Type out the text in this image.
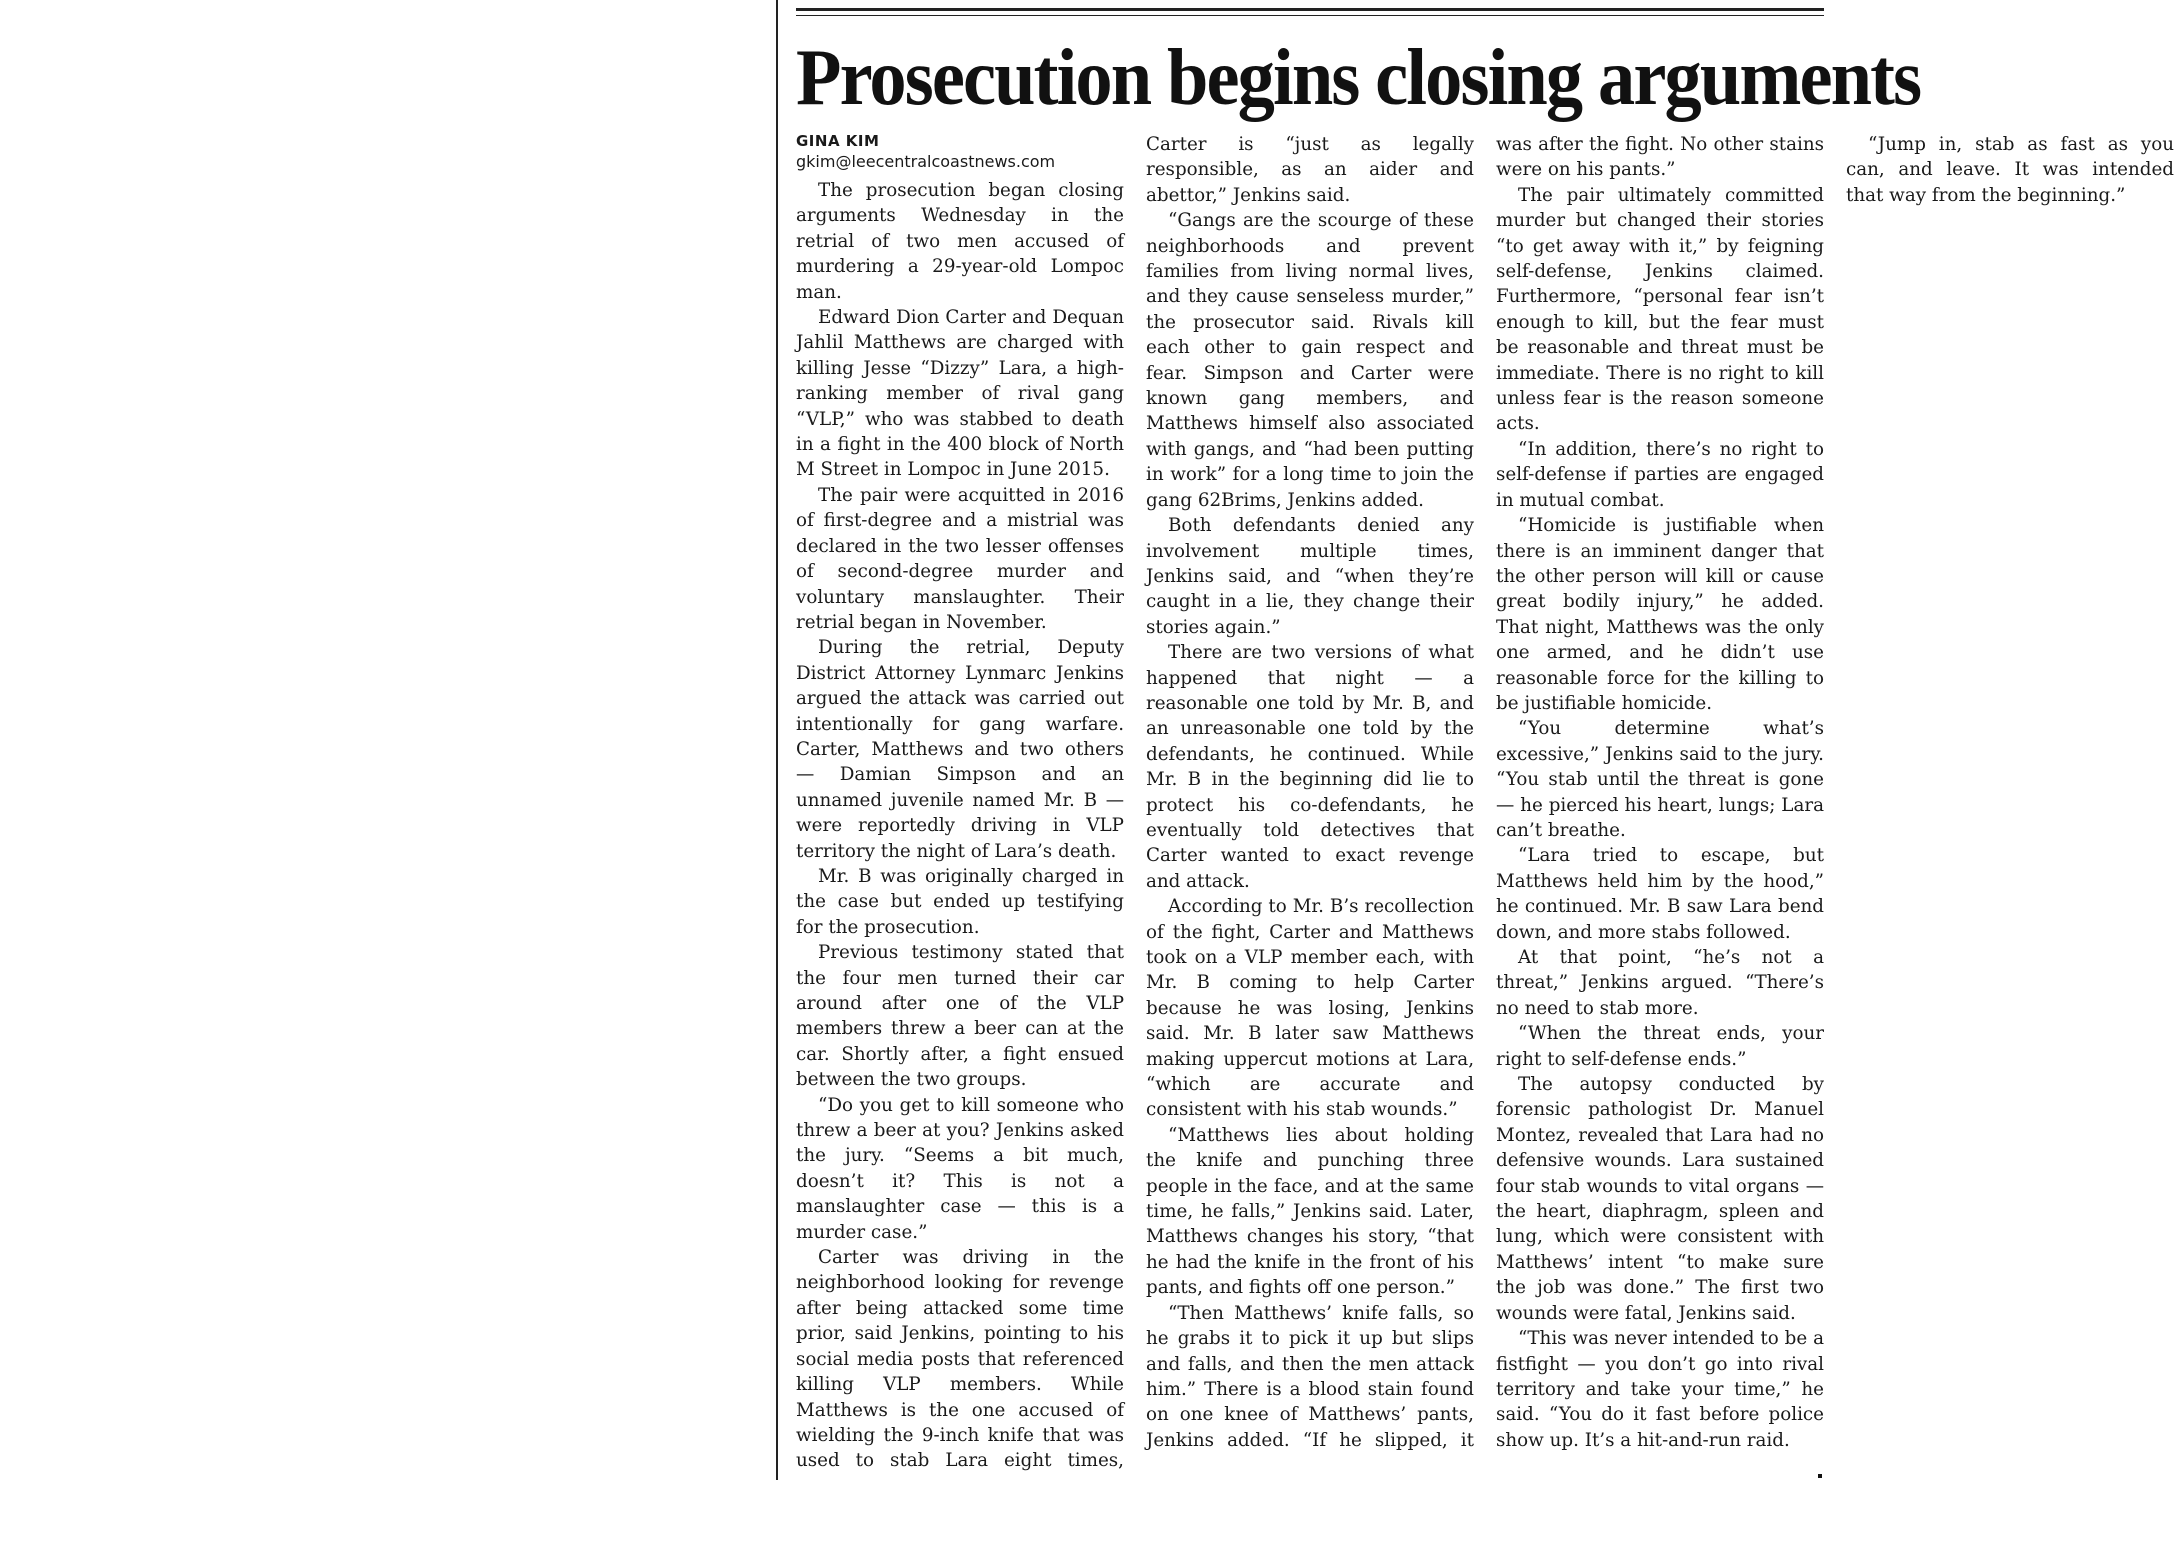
Prosecution begins closing arguments

GINA KIM

gkim@leecentralcoastnews.com

The prosecution began closing arguments Wednesday in the retrial of two men accused of murdering a 29-year-old Lompoc man.

Edward Dion Carter and Dequan Jahlil Matthews are charged with killing Jesse “Dizzy” Lara, a high-ranking member of rival gang “VLP,” who was stabbed to death in a fight in the 400 block of North M Street in Lompoc in June 2015.

The pair were acquitted in 2016 of first-degree and a mistrial was declared in the two lesser offenses of second-degree murder and voluntary manslaughter. Their retrial began in November.

During the retrial, Deputy District Attorney Lynmarc Jenkins argued the attack was carried out intentionally for gang warfare. Carter, Matthews and two others — Damian Simpson and an unnamed juvenile named Mr. B — were reportedly driving in VLP territory the night of Lara’s death.

Mr. B was originally charged in the case but ended up testifying for the prosecution.

Previous testimony stated that the four men turned their car around after one of the VLP members threw a beer can at the car. Shortly after, a fight ensued between the two groups.

“Do you get to kill someone who threw a beer at you? Jenkins asked the jury. “Seems a bit much, doesn’t it? This is not a manslaughter case — this is a murder case.”

Carter was driving in the neighborhood looking for revenge after being attacked some time prior, said Jenkins, pointing to his social media posts that referenced killing VLP members. While Matthews is the one accused of wielding the 9-inch knife that was used to stab Lara eight times, Carter is “just as legally responsible, as an aider and abettor,” Jenkins said.

“Gangs are the scourge of these neighborhoods and prevent families from living normal lives, and they cause senseless murder,” the prosecutor said. Rivals kill each other to gain respect and fear. Simpson and Carter were known gang members, and Matthews himself also associated with gangs, and “had been putting in work” for a long time to join the gang 62Brims, Jenkins added.

Both defendants denied any involvement multiple times, Jenkins said, and “when they’re caught in a lie, they change their stories again.”

There are two versions of what happened that night — a reasonable one told by Mr. B, and an unreasonable one told by the defendants, he continued. While Mr. B in the beginning did lie to protect his co-defendants, he eventually told detectives that Carter wanted to exact revenge and attack.

According to Mr. B’s recollection of the fight, Carter and Matthews took on a VLP member each, with Mr. B coming to help Carter because he was losing, Jenkins said. Mr. B later saw Matthews making uppercut motions at Lara, “which are accurate and consistent with his stab wounds.”

“Matthews lies about holding the knife and punching three people in the face, and at the same time, he falls,” Jenkins said. Later, Matthews changes his story, “that he had the knife in the front of his pants, and fights off one person.”

“Then Matthews’ knife falls, so he grabs it to pick it up but slips and falls, and then the men attack him.” There is a blood stain found on one knee of Matthews’ pants, Jenkins added. “If he slipped, it was after the fight. No other stains were on his pants.”

The pair ultimately committed murder but changed their stories “to get away with it,” by feigning self-defense, Jenkins claimed. Furthermore, “personal fear isn’t enough to kill, but the fear must be reasonable and threat must be immediate. There is no right to kill unless fear is the reason someone acts.

“In addition, there’s no right to self-defense if parties are engaged in mutual combat.

“Homicide is justifiable when there is an imminent danger that the other person will kill or cause great bodily injury,” he added. That night, Matthews was the only one armed, and he didn’t use reasonable force for the killing to be justifiable homicide.

“You determine what’s excessive,” Jenkins said to the jury. “You stab until the threat is gone — he pierced his heart, lungs; Lara can’t breathe.

“Lara tried to escape, but Matthews held him by the hood,” he continued. Mr. B saw Lara bend down, and more stabs followed.

At that point, “he’s not a threat,” Jenkins argued. “There’s no need to stab more.

“When the threat ends, your right to self-defense ends.”

The autopsy conducted by forensic pathologist Dr. Manuel Montez, revealed that Lara had no defensive wounds. Lara sustained four stab wounds to vital organs — the heart, diaphragm, spleen and lung, which were consistent with Matthews’ intent “to make sure the job was done.” The first two wounds were fatal, Jenkins said.

“This was never intended to be a fistfight — you don’t go into rival territory and take your time,” he said. “You do it fast before police show up. It’s a hit-and-run raid.

“Jump in, stab as fast as you can, and leave. It was intended that way from the beginning.”
